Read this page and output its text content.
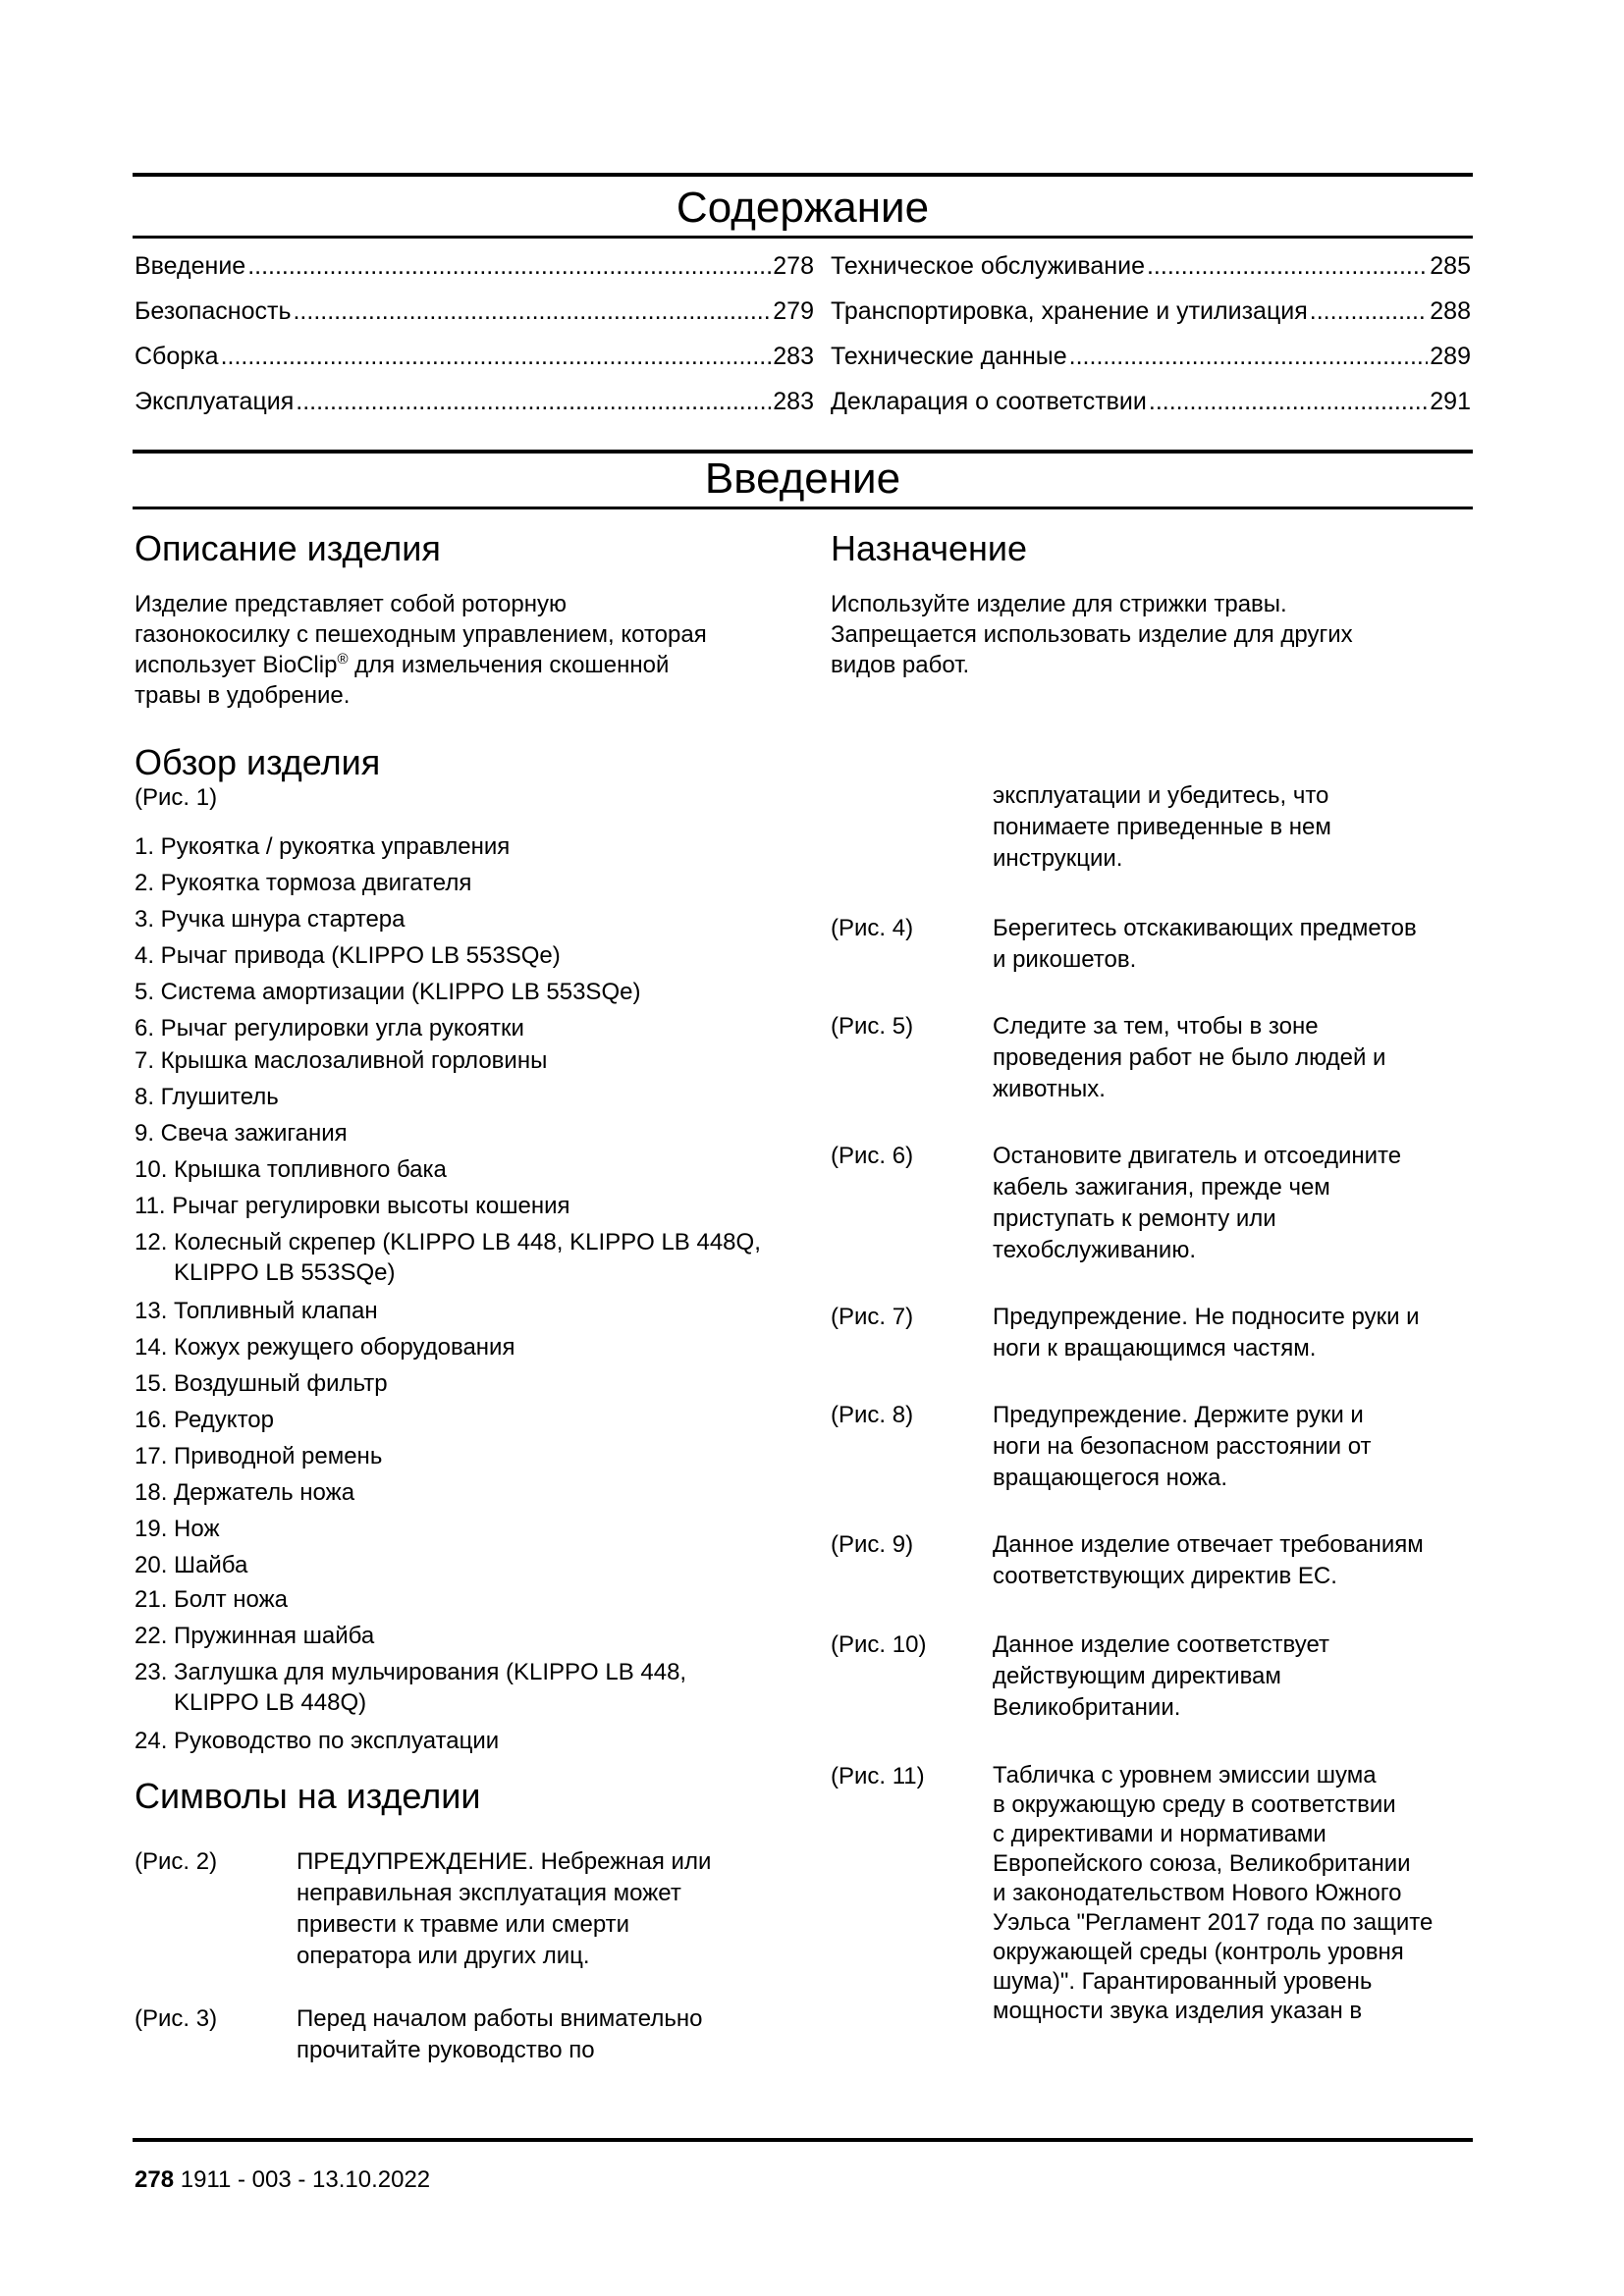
Содержание
Введение .....	278
Безопасность .....	279
Сборка .....	283
Эксплуатация .....	283
Техническое обслуживание .....	285
Транспортировка, хранение и утилизация .....	288
Технические данные .....	289
Декларация о соответствии .....	291
Введение
Описание изделия
Изделие представляет собой роторную
газонокосилку с пешеходным управлением, которая
использует BioClip® для измельчения скошенной
травы в удобрение.
Назначение
Используйте изделие для стрижки травы.
Запрещается использовать изделие для других
видов работ.
Обзор изделия
(Рис. 1)
1. Рукоятка / рукоятка управления
2. Рукоятка тормоза двигателя
3. Ручка шнура стартера
4. Рычаг привода (KLIPPO LB 553SQe)
5. Система амортизации (KLIPPO LB 553SQe)
6. Рычаг регулировки угла рукоятки
7. Крышка маслозаливной горловины
8. Глушитель
9. Свеча зажигания
10. Крышка топливного бака
11. Рычаг регулировки высоты кошения
12. Колесный скрепер (KLIPPO LB 448, KLIPPO LB 448Q, KLIPPO LB 553SQe)
13. Топливный клапан
14. Кожух режущего оборудования
15. Воздушный фильтр
16. Редуктор
17. Приводной ремень
18. Держатель ножа
19. Нож
20. Шайба
21. Болт ножа
22. Пружинная шайба
23. Заглушка для мульчирования (KLIPPO LB 448, KLIPPO LB 448Q)
24. Руководство по эксплуатации
Символы на изделии
(Рис. 2)	ПРЕДУПРЕЖДЕНИЕ. Небрежная или
неправильная эксплуатация может
привести к травме или смерти
оператора или других лиц.
(Рис. 3)	Перед началом работы внимательно
прочитайте руководство по
эксплуатации и убедитесь, что
понимаете приведенные в нем
инструкции.
(Рис. 4)	Берегитесь отскакивающих предметов
и рикошетов.
(Рис. 5)	Следите за тем, чтобы в зоне
проведения работ не было людей и
животных.
(Рис. 6)	Остановите двигатель и отсоедините
кабель зажигания, прежде чем
приступать к ремонту или
техобслуживанию.
(Рис. 7)	Предупреждение. Не подносите руки и
ноги к вращающимся частям.
(Рис. 8)	Предупреждение. Держите руки и
ноги на безопасном расстоянии от
вращающегося ножа.
(Рис. 9)	Данное изделие отвечает требованиям
соответствующих директив ЕС.
(Рис. 10)	Данное изделие соответствует
действующим директивам
Великобритании.
(Рис. 11)	Табличка с уровнем эмиссии шума
в окружающую среду в соответствии
с директивами и нормативами
Европейского союза, Великобритании
и законодательством Нового Южного
Уэльса "Регламент 2017 года по защите
окружающей среды (контроль уровня
шума)". Гарантированный уровень
мощности звука изделия указан в
278 1911 - 003 - 13.10.2022
